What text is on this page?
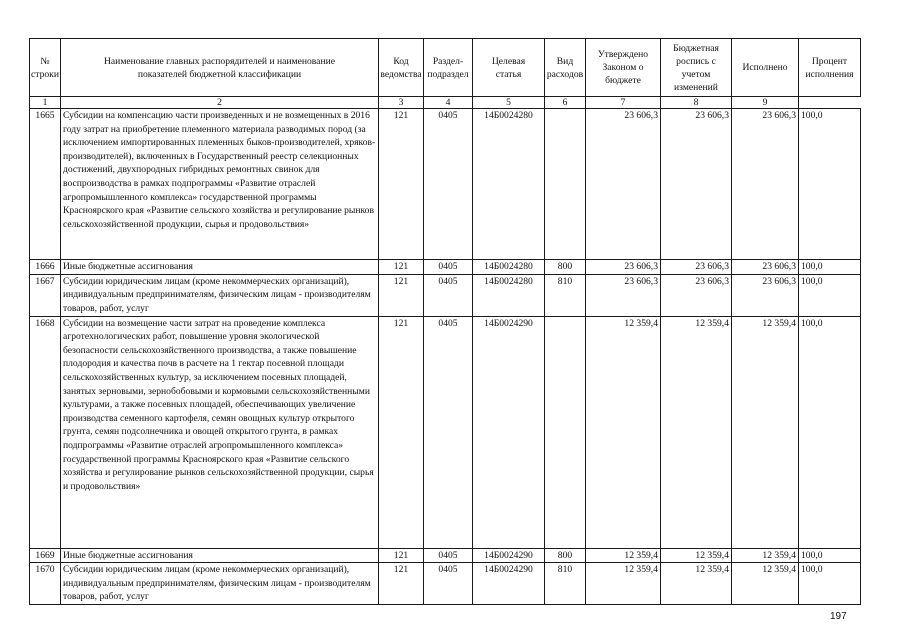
№ строки	Наименование главных распорядителей и наименование показателей бюджетной классификации	Код ведомства	Раздел-подраздел	Целевая статья	Вид расходов	Утверждено Законом о бюджете	Бюджетная роспись с учетом изменений	Исполнено	Процент исполнения
1	2	3	4	5	6	7	8	9	
1665	Субсидии на компенсацию части произведенных и не возмещенных в 2016 году затрат на приобретение племенного материала разводимых пород (за исключением импортированных племенных быков-производителей, хряков-производителей), включенных в Государственный реестр селекционных достижений, двухпородных гибридных ремонтных свинок для воспроизводства в рамках подпрограммы «Развитие отраслей агропромышленного комплекса» государственной программы Красноярского края «Развитие сельского хозяйства и регулирование рынков сельскохозяйственной продукции, сырья и продовольствия»	121	0405	14Б0024280		23 606,3	23 606,3	23 606,3	100,0
1666	Иные бюджетные ассигнования	121	0405	14Б0024280	800	23 606,3	23 606,3	23 606,3	100,0
1667	Субсидии юридическим лицам (кроме некоммерческих организаций), индивидуальным предпринимателям, физическим лицам - производителям товаров, работ, услуг	121	0405	14Б0024280	810	23 606,3	23 606,3	23 606,3	100,0
1668	Субсидии на возмещение части затрат на проведение комплекса агротехнологических работ, повышение уровня экологической безопасности сельскохозяйственного производства, а также повышение плодородия и качества почв в расчете на 1 гектар посевной площади сельскохозяйственных культур, за исключением посевных площадей, занятых зерновыми, зернобобовыми и кормовыми сельскохозяйственными культурами, а также посевных площадей, обеспечивающих увеличение производства семенного картофеля, семян овощных культур открытого грунта, семян подсолнечника и овощей открытого грунта, в рамках подпрограммы «Развитие отраслей агропромышленного комплекса» государственной программы Красноярского края «Развитие сельского хозяйства и регулирование рынков сельскохозяйственной продукции, сырья и продовольствия»	121	0405	14Б0024290		12 359,4	12 359,4	12 359,4	100,0
1669	Иные бюджетные ассигнования	121	0405	14Б0024290	800	12 359,4	12 359,4	12 359,4	100,0
1670	Субсидии юридическим лицам (кроме некоммерческих организаций), индивидуальным предпринимателям, физическим лицам - производителям товаров, работ, услуг	121	0405	14Б0024290	810	12 359,4	12 359,4	12 359,4	100,0
197
